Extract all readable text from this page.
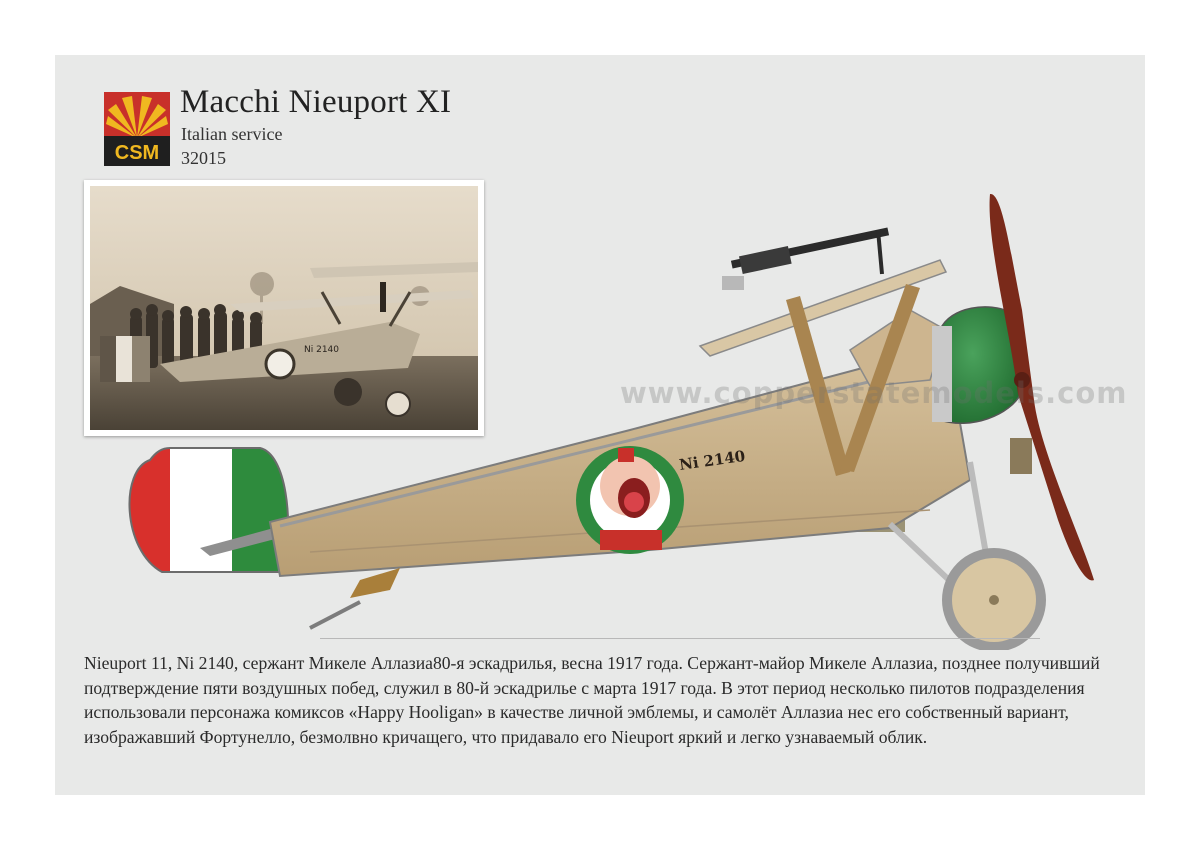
CSM
Macchi Nieuport XI
Italian service
32015
Ni 2140
Ni 2140
www.copperstatemodels.com
Nieuport 11, Ni 2140, сержант Микеле Аллазиа80-я эскадрилья, весна 1917 года. Сержант-майор Микеле Аллазиа, позднее получивший подтверждение пяти воздушных побед, служил в 80-й эскадрилье с марта 1917 года. В этот период несколько пилотов подразделения использовали персонажа комиксов «Happy Hooligan» в качестве личной эмблемы, и самолёт Аллазиа нес его собственный вариант, изображавший Фортунелло, безмолвно кричащего, что придавало его Nieuport яркий и легко узнаваемый облик.
